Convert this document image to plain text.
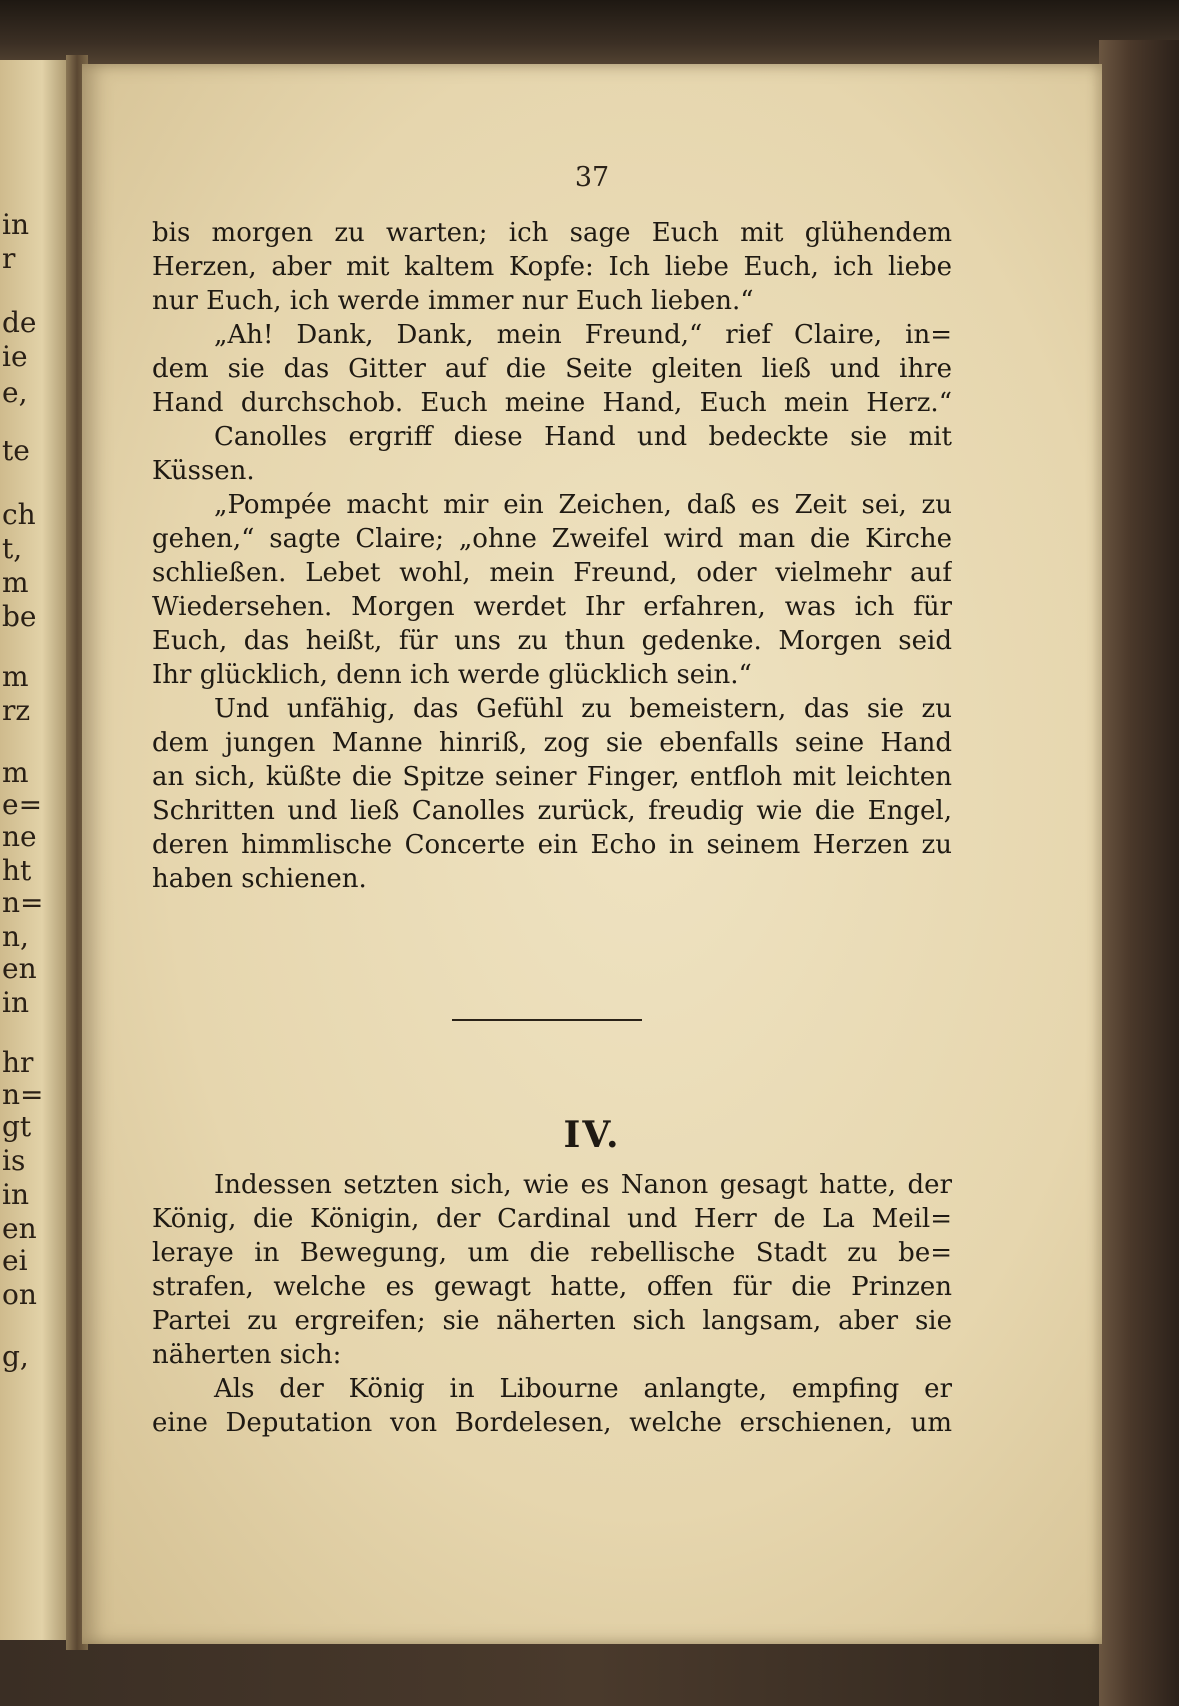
in
r
de
ie
e,
te
ch
t,
m
be
m
rz
m
e=
ne
ht
n=
n,
en
in
hr
n=
gt
is
in
en
ei
on
g,
37
bis morgen zu warten; ich sage Euch mit glühendem
Herzen, aber mit kaltem Kopfe: Ich liebe Euch, ich liebe
nur Euch, ich werde immer nur Euch lieben.“
„Ah! Dank, Dank, mein Freund,“ rief Claire, in=
dem sie das Gitter auf die Seite gleiten ließ und ihre
Hand durchschob. Euch meine Hand, Euch mein Herz.“
Canolles ergriff diese Hand und bedeckte sie mit
Küssen.
„Pompée macht mir ein Zeichen, daß es Zeit sei, zu
gehen,“ sagte Claire; „ohne Zweifel wird man die Kirche
schließen. Lebet wohl, mein Freund, oder vielmehr auf
Wiedersehen. Morgen werdet Ihr erfahren, was ich für
Euch, das heißt, für uns zu thun gedenke. Morgen seid
Ihr glücklich, denn ich werde glücklich sein.“
Und unfähig, das Gefühl zu bemeistern, das sie zu
dem jungen Manne hinriß, zog sie ebenfalls seine Hand
an sich, küßte die Spitze seiner Finger, entfloh mit leichten
Schritten und ließ Canolles zurück, freudig wie die Engel,
deren himmlische Concerte ein Echo in seinem Herzen zu
haben schienen.
IV.
Indessen setzten sich, wie es Nanon gesagt hatte, der
König, die Königin, der Cardinal und Herr de La Meil=
leraye in Bewegung, um die rebellische Stadt zu be=
strafen, welche es gewagt hatte, offen für die Prinzen
Partei zu ergreifen; sie näherten sich langsam, aber sie
näherten sich:
Als der König in Libourne anlangte, empfing er
eine Deputation von Bordelesen, welche erschienen, um
